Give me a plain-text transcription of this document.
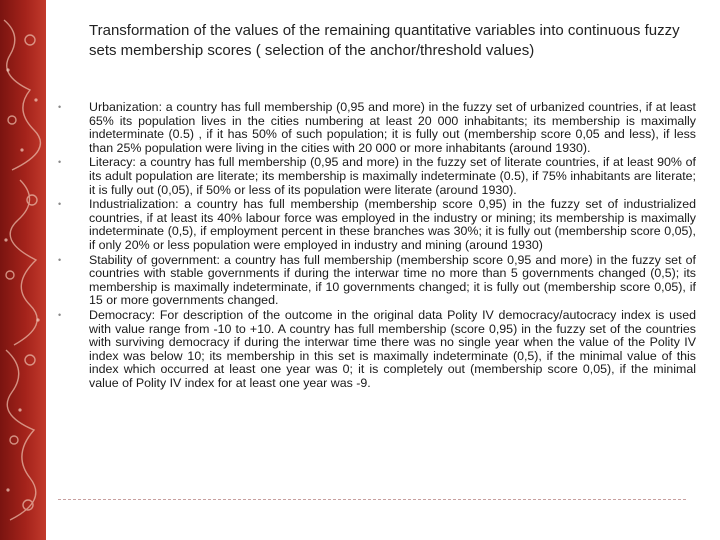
Transformation of the values of the remaining quantitative variables into continuous fuzzy sets membership scores ( selection of the anchor/threshold values)
• Urbanization: a country has full membership (0,95 and more) in the fuzzy set of urbanized countries, if at least 65% its population lives in the cities numbering at least 20 000 inhabitants; its membership is maximally indeterminate (0.5) , if it has 50% of such population; it is fully out (membership score 0,05 and less), if less than 25% population were living in the cities with 20 000 or more inhabitants (around 1930).
• Literacy: a country has full membership (0,95 and more) in the fuzzy set of literate countries, if at least 90% of its adult population are literate; its membership is maximally indeterminate (0.5), if 75% inhabitants are literate; it is fully out (0,05), if 50% or less of its population were literate (around 1930).
• Industrialization: a country has full membership (membership score 0,95) in the fuzzy set of industrialized countries, if at least its 40% labour force was employed in the industry or mining; its membership is maximally indeterminate (0,5), if employment percent in these branches was 30%; it is fully out (membership score 0,05), if only 20% or less population were employed in industry and mining (around 1930)
• Stability of government: a country has full membership (membership score 0,95 and more) in the fuzzy set of countries with stable governments if during the interwar time no more than 5 governments changed (0,5); its membership is maximally indeterminate, if 10 governments changed; it is fully out (membership score 0,05), if 15 or more governments changed.
• Democracy: For description of the outcome in the original data Polity IV democracy/autocracy index is used with value range from -10 to +10. A country has full membership (score 0,95) in the fuzzy set of the countries with surviving democracy if during the interwar time there was no single year when the value of the Polity IV index was below 10; its membership in this set is maximally indeterminate (0,5), if the minimal value of this index which occurred at least one year was 0; it is completely out (membership score 0,05), if the minimal value of Polity IV index for at least one year was -9.
